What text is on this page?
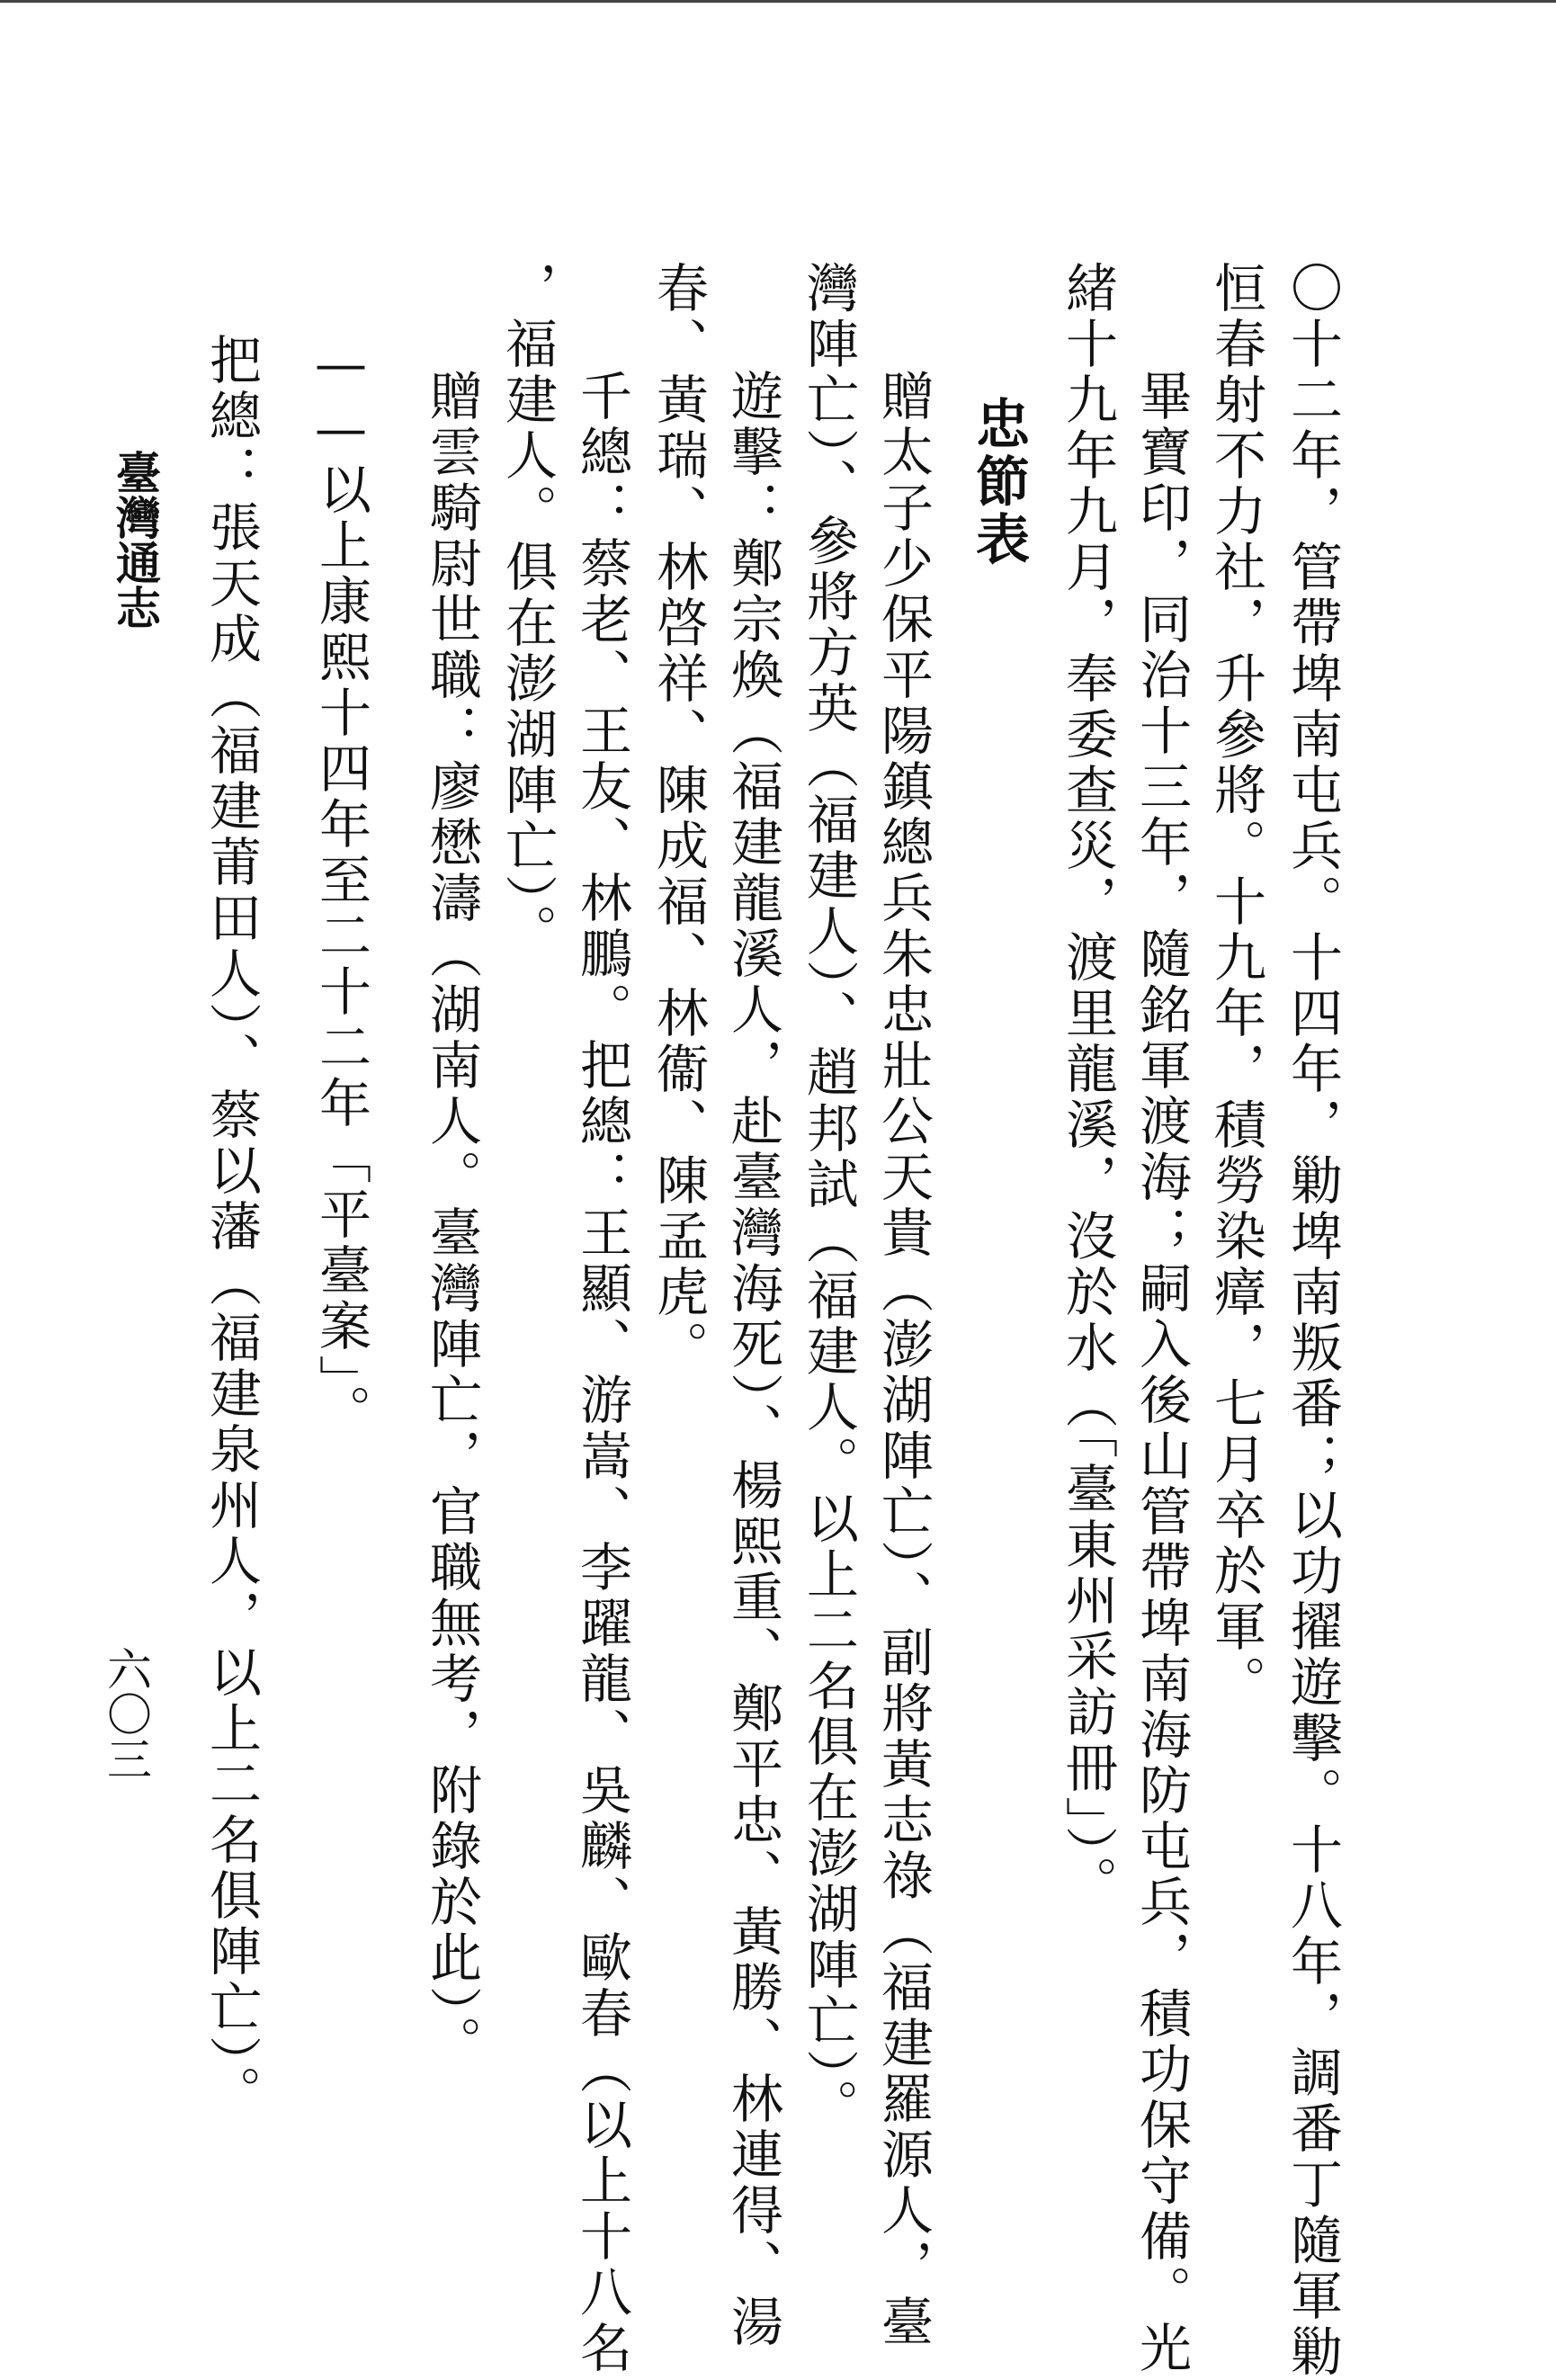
〇十二年，管帶埤南屯兵。十四年，勦埤南叛番；以功擢遊擊。十八年，調番丁隨軍勦
恒春射不力社，升參將。十九年，積勞染瘴，七月卒於軍。
畢寶印，同治十三年，隨銘軍渡海；嗣入後山管帶埤南海防屯兵，積功保守備。光
緒十九年九月，奉委查災，渡里龍溪，沒於水（「臺東州采訪冊」）。
忠節表
贈太子少保平陽鎮總兵朱忠壯公天貴（澎湖陣亡）、副將黃志祿（福建羅源人，臺
灣陣亡）、參將方英（福建人）、趙邦試（福建人。以上二名俱在澎湖陣亡）。
遊擊：鄭宗煥（福建龍溪人，赴臺灣海死）、楊熙重、鄭平忠、黃勝、林連得、湯
春、黃瑞、林啓祥、陳成福、林衞、陳孟虎。
千總：蔡老、王友、林鵬。把總：王顯、游嵩、李躍龍、吳麟、歐春（以上十八名
，福建人。俱在澎湖陣亡）。
贈雲騎尉世職：廖懋濤（湖南人。臺灣陣亡，官職無考，附錄於此）。
——以上康熙十四年至二十二年「平臺案」。
把總：張天成（福建莆田人）、蔡以藩（福建泉州人，以上二名俱陣亡）。
臺灣通志
六〇三
